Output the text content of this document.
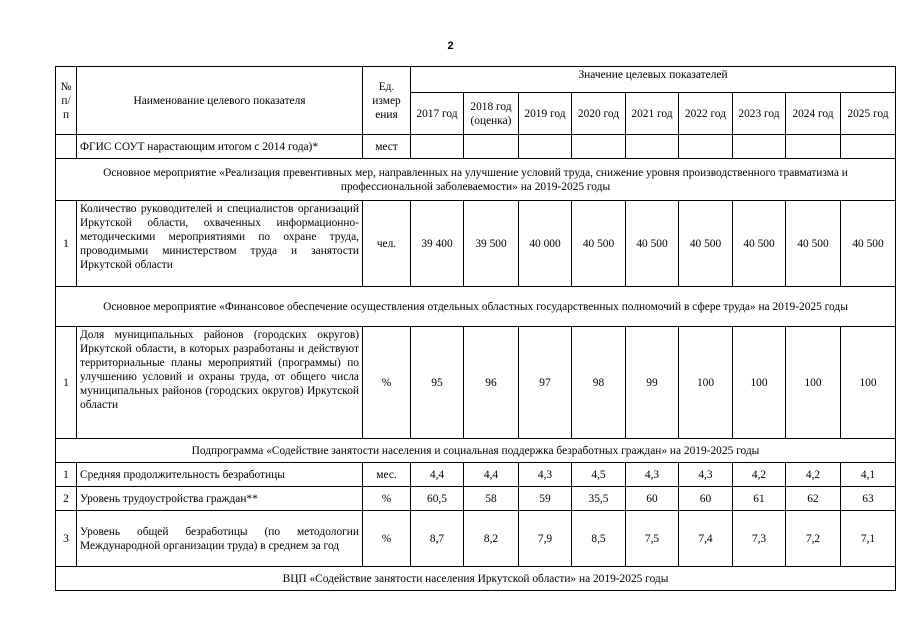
2
№ п/п	Наименование целевого показателя	Ед. измер ения	Значение целевых показателей								
			2017 год	2018 год (оценка)	2019 год	2020 год	2021 год	2022 год	2023 год	2024 год	2025 год
	ФГИС СОУТ нарастающим итогом с 2014 года)*	мест									
Основное мероприятие «Реализация превентивных мер, направленных на улучшение условий труда, снижение уровня производственного травматизма и профессиональной заболеваемости» на 2019-2025 годы											
1	Количество руководителей и специалистов организаций Иркутской области, охваченных информационно-методическими мероприятиями по охране труда, проводимыми министерством труда и занятости Иркутской области	чел.	39 400	39 500	40 000	40 500	40 500	40 500	40 500	40 500	40 500
Основное мероприятие «Финансовое обеспечение осуществления отдельных областных государственных полномочий в сфере труда» на 2019-2025 годы											
1	Доля муниципальных районов (городских округов) Иркутской области, в которых разработаны и действуют территориальные планы мероприятий (программы) по улучшению условий и охраны труда, от общего числа муниципальных районов (городских округов) Иркутской области	%	95	96	97	98	99	100	100	100	100
Подпрограмма «Содействие занятости населения и социальная поддержка безработных граждан» на 2019-2025 годы											
1	Средняя продолжительность безработицы	мес.	4,4	4,4	4,3	4,5	4,3	4,3	4,2	4,2	4,1
2	Уровень трудоустройства граждан**	%	60,5	58	59	35,5	60	60	61	62	63
3	Уровень общей безработицы (по методологии Международной организации труда) в среднем за год	%	8,7	8,2	7,9	8,5	7,5	7,4	7,3	7,2	7,1
ВЦП «Содействие занятости населения Иркутской области» на 2019-2025 годы											
